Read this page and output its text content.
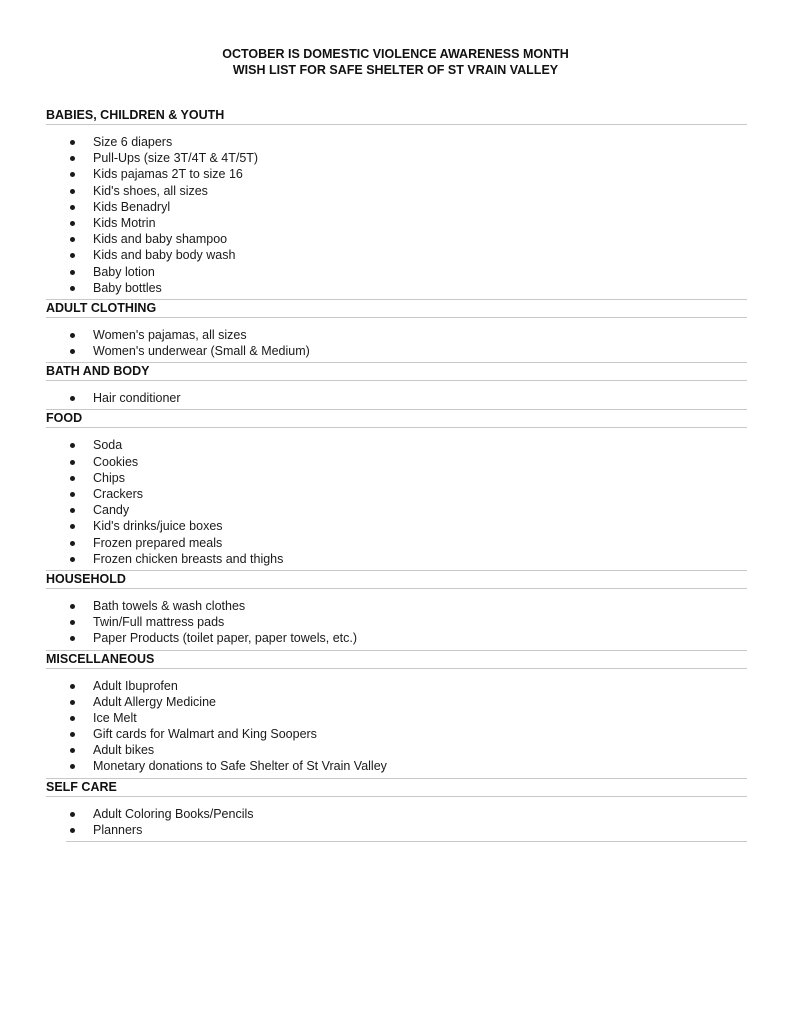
OCTOBER IS DOMESTIC VIOLENCE AWARENESS MONTH
WISH LIST FOR SAFE SHELTER OF ST VRAIN VALLEY
BABIES, CHILDREN & YOUTH
Size 6 diapers
Pull-Ups (size 3T/4T & 4T/5T)
Kids pajamas 2T to size 16
Kid's shoes, all sizes
Kids Benadryl
Kids Motrin
Kids and baby shampoo
Kids and baby body wash
Baby lotion
Baby bottles
ADULT CLOTHING
Women's pajamas, all sizes
Women's underwear (Small & Medium)
BATH AND BODY
Hair conditioner
FOOD
Soda
Cookies
Chips
Crackers
Candy
Kid's drinks/juice boxes
Frozen prepared meals
Frozen chicken breasts and thighs
HOUSEHOLD
Bath towels & wash clothes
Twin/Full mattress pads
Paper Products (toilet paper, paper towels, etc.)
MISCELLANEOUS
Adult Ibuprofen
Adult Allergy Medicine
Ice Melt
Gift cards for Walmart and King Soopers
Adult bikes
Monetary donations to Safe Shelter of St Vrain Valley
SELF CARE
Adult Coloring Books/Pencils
Planners
